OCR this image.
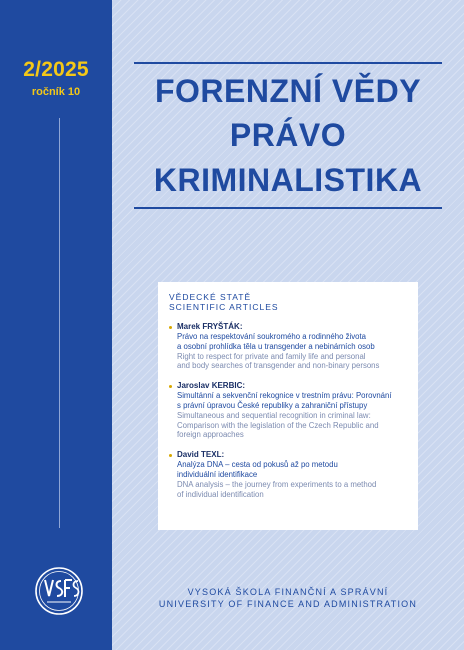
2/2025
ročník 10	FORENZNÍ VĚDY
PRÁVO
KRIMINALISTIKA
VĚDECKÉ STATĚ
SCIENTIFIC ARTICLES
Marek FRYŠTÁK:
Právo na respektování soukromého a rodinného života
a osobní prohlídka těla u transgender a nebinárních osob
Right to respect for private and family life and personal
and body searches of transgender and non-binary persons
Jaroslav KERBIC:
Simultánní a sekvenční rekognice v trestním právu: Porovnání
s právní úpravou České republiky a zahraniční přístupy
Simultaneous and sequential recognition in criminal law:
Comparison with the legislation of the Czech Republic and
foreign approaches
David TEXL:
Analýza DNA – cesta od pokusů až po metodu
individuální identifikace
DNA analysis – the journey from experiments to a method
of individual identification
VYSOKÁ ŠKOLA FINANČNÍ A SPRÁVNÍ
UNIVERSITY OF FINANCE AND ADMINISTRATION
